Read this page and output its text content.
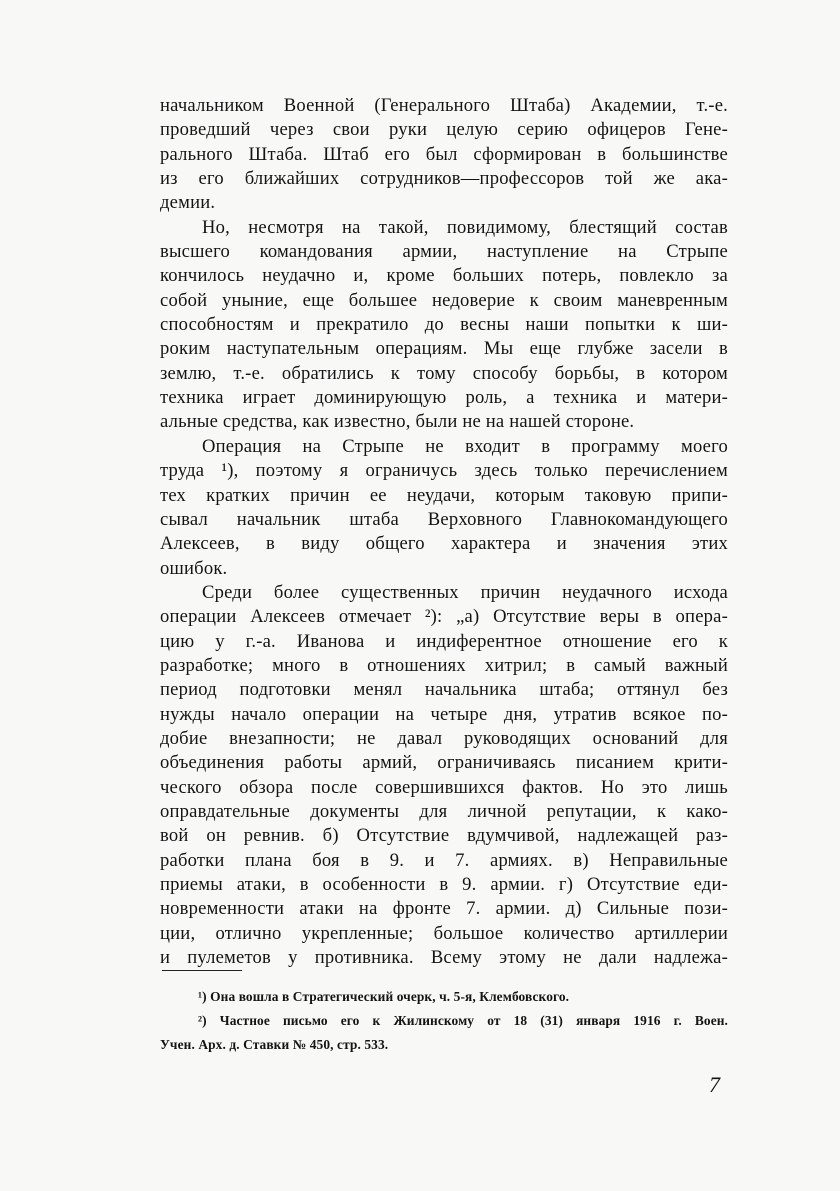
начальником Военной (Генерального Штаба) Академии, т.-е.
проведший через свои руки целую серию офицеров Гене-
рального Штаба. Штаб его был сформирован в большинстве
из его ближайших сотрудников—профессоров той же ака-
демии.

Но, несмотря на такой, повидимому, блестящий состав
высшего командования армии, наступление на Стрыпе
кончилось неудачно и, кроме больших потерь, повлекло за
собой уныние, еще большее недоверие к своим маневренным
способностям и прекратило до весны наши попытки к ши-
роким наступательным операциям. Мы еще глубже засели в
землю, т.-е. обратились к тому способу борьбы, в котором
техника играет доминирующую роль, а техника и матери-
альные средства, как известно, были не на нашей стороне.

Операция на Стрыпе не входит в программу моего
труда ¹), поэтому я ограничусь здесь только перечислением
тех кратких причин ее неудачи, которым таковую припи-
сывал начальник штаба Верховного Главнокомандующего
Алексеев, в виду общего характера и значения этих
ошибок.

Среди более существенных причин неудачного исхода
операции Алексеев отмечает ²): „а) Отсутствие веры в опера-
цию у г.-а. Иванова и индиферентное отношение его к
разработке; много в отношениях хитрил; в самый важный
период подготовки менял начальника штаба; оттянул без
нужды начало операции на четыре дня, утратив всякое по-
добие внезапности; не давал руководящих оснований для
объединения работы армий, ограничиваясь писанием крити-
ческого обзора после совершившихся фактов. Но это лишь
оправдательные документы для личной репутации, к како-
вой он ревнив. б) Отсутствие вдумчивой, надлежащей раз-
работки плана боя в 9. и 7. армиях. в) Неправильные
приемы атаки, в особенности в 9. армии. г) Отсутствие еди-
новременности атаки на фронте 7. армии. д) Сильные пози-
ции, отлично укрепленные; большое количество артиллерии
и пулеметов у противника. Всему этому не дали надлежа-

¹) Она вошла в Стратегический очерк, ч. 5-я, Клембовского.
²) Частное письмо его к Жилинскому от 18 (31) января 1916 г. Воен.
Учен. Арх. д. Ставки № 450, стр. 533.
7
